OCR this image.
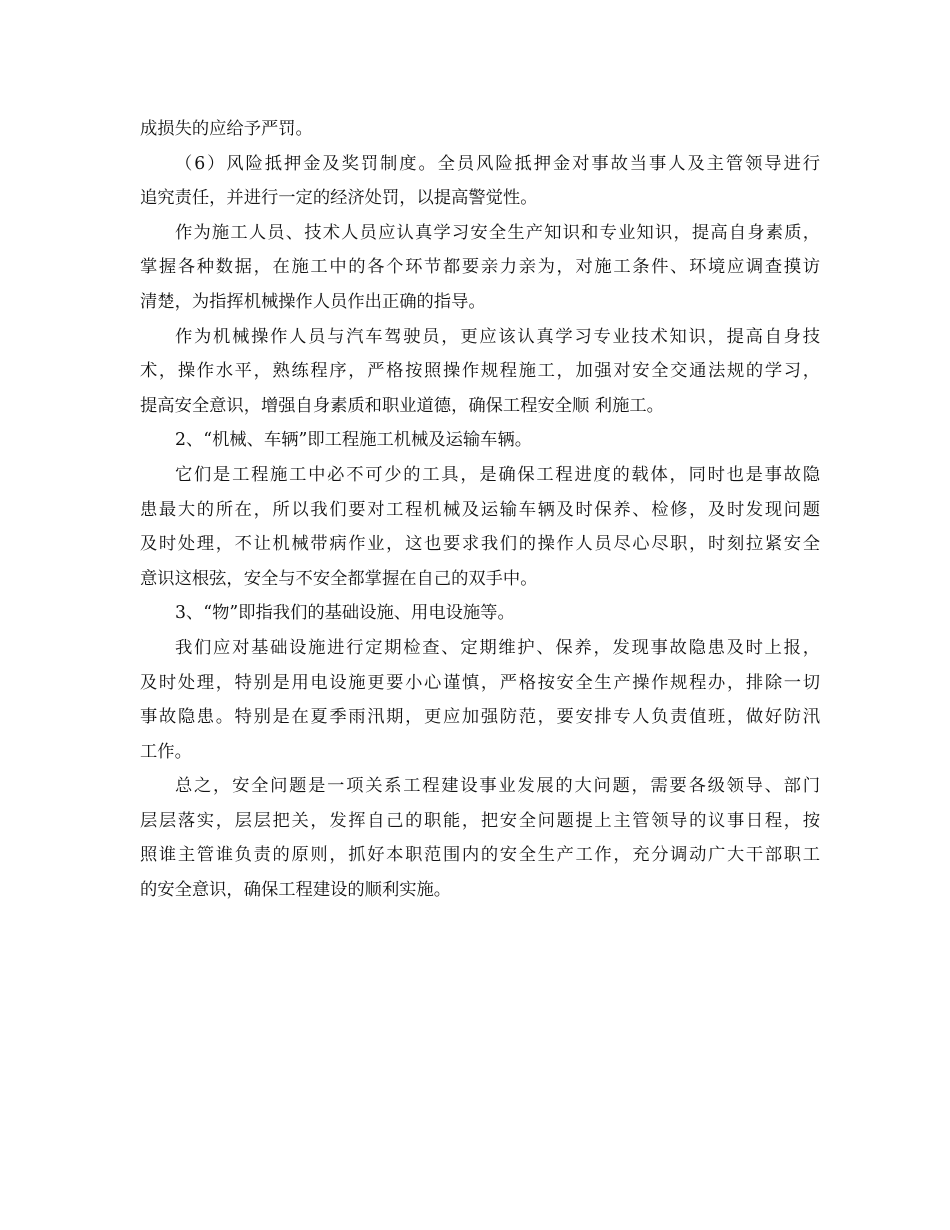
成损失的应给予严罚。
（6）风险抵押金及奖罚制度。全员风险抵押金对事故当事人及主管领导进行
追究责任，并进行一定的经济处罚，以提高警觉性。
作为施工人员、技术人员应认真学习安全生产知识和专业知识，提高自身素质，
掌握各种数据，在施工中的各个环节都要亲力亲为，对施工条件、环境应调查摸访
清楚，为指挥机械操作人员作出正确的指导。
作为机械操作人员与汽车驾驶员，更应该认真学习专业技术知识，提高自身技
术，操作水平，熟练程序，严格按照操作规程施工，加强对安全交通法规的学习，
提高安全意识，增强自身素质和职业道德，确保工程安全顺 利施工。
2、“机械、车辆”即工程施工机械及运输车辆。
它们是工程施工中必不可少的工具，是确保工程进度的载体，同时也是事故隐
患最大的所在，所以我们要对工程机械及运输车辆及时保养、检修，及时发现问题
及时处理，不让机械带病作业，这也要求我们的操作人员尽心尽职，时刻拉紧安全
意识这根弦，安全与不安全都掌握在自己的双手中。
3、“物”即指我们的基础设施、用电设施等。
我们应对基础设施进行定期检查、定期维护、保养，发现事故隐患及时上报，
及时处理，特别是用电设施更要小心谨慎，严格按安全生产操作规程办，排除一切
事故隐患。特别是在夏季雨汛期，更应加强防范，要安排专人负责值班，做好防汛
工作。
总之，安全问题是一项关系工程建设事业发展的大问题，需要各级领导、部门
层层落实，层层把关，发挥自己的职能，把安全问题提上主管领导的议事日程，按
照谁主管谁负责的原则，抓好本职范围内的安全生产工作，充分调动广大干部职工
的安全意识，确保工程建设的顺利实施。
